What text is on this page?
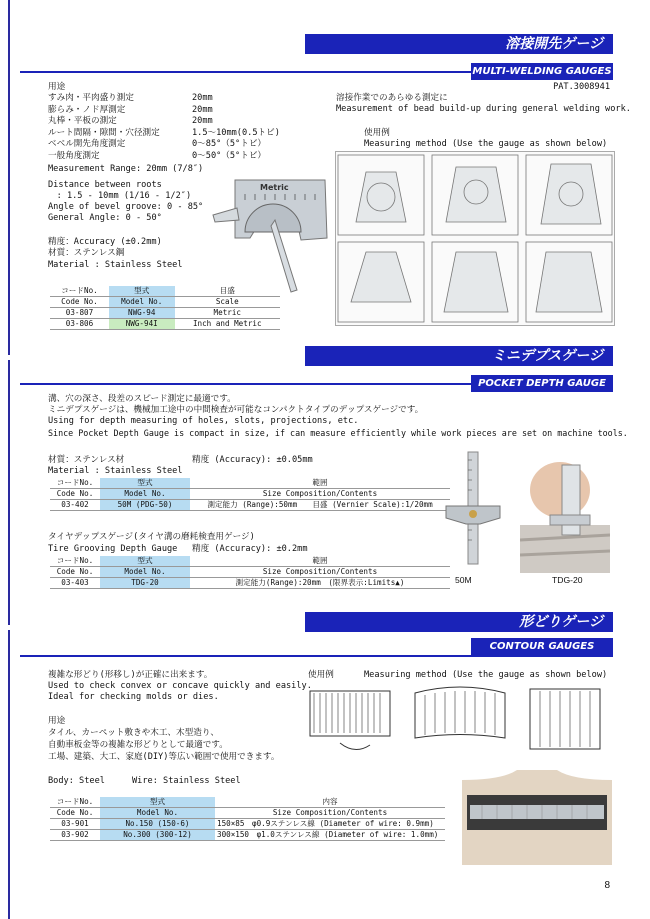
溶接開先ゲージ
MULTI-WELDING GAUGES
PAT.3008941
用途
すみ肉・平肉盛り測定	20mm
膨らみ・ノド厚測定	20mm
丸棒・平板の測定	20mm
ルート間隔・隙間・穴径測定	1.5～10mm(0.5トビ)
ベベル開先角度測定	0～85°（5°トビ）
一般角度測定	0～50°（5°トビ）
Measurement Range: 20mm (7/8″)
Distance between roots
　: 1.5 - 10mm (1/16 - 1/2″)
Angle of bevel groove: 0 - 85°
General Angle: 0 - 50°
精度：Accuracy (±0.2mm)
材質：ステンレス鋼
Material : Stainless Steel
Metric
溶接作業でのあらゆる測定に
Measurement of bead build-up during general welding work.
使用例
Measuring method (Use the gauge as shown below)
コードNo.	型式	目盛
Code No.	Model No.	Scale
03-807	NWG-94	Metric
03-806	NWG-94I	Inch and Metric
ミニデプスゲージ
POCKET DEPTH GAUGE
溝、穴の深さ、段差のスピード測定に最適です。
ミニデプスゲージは、機械加工途中の中間検査が可能なコンパクトタイプのデップスゲージです。
Using for depth measuring of holes, slots, projections, etc.
Since Pocket Depth Gauge is compact in size, if can measure efficiently while work pieces are set on machine tools.
材質：ステンレス材	精度 (Accuracy): ±0.05mm
Material : Stainless Steel
コードNo.	型式	範囲
Code No.	Model No.	Size Composition/Contents
03-402	50M (PDG-50)	測定能力 (Range):50mm　　目盛 (Vernier Scale):1/20mm
タイヤデップスゲージ(タイヤ溝の磨耗検査用ゲージ)
Tire Grooving Depth Gauge 精度 (Accuracy): ±0.2mm
コードNo.	型式	範囲
Code No.	Model No.	Size Composition/Contents
03-403	TDG-20	測定能力(Range):20mm　(限界表示:Limits▲)	50M	TDG-20
形どりゲージ
CONTOUR GAUGES
複雑な形どり(形移し)が正確に出来ます。
Used to check convex or concave quickly and easily.
Ideal for checking molds or dies.
用途
タイル、カーペット敷きや木工、木型造り、
自動車板金等の複雑な形どりとして最適です。
工場、建築、大工、家庭(DIY)等広い範囲で使用できます。
使用例	Measuring method (Use the gauge as shown below)
Body: Steel	Wire: Stainless Steel
コードNo.	型式	内容
Code No.	Model No.	Size Composition/Contents
03-901	No.150 (150-6)	150×85　φ0.9ステンレス線 (Diameter of wire: 0.9mm)
03-902	No.300 (300-12)	300×150　φ1.0ステンレス線 (Diameter of wire: 1.0mm)
8
